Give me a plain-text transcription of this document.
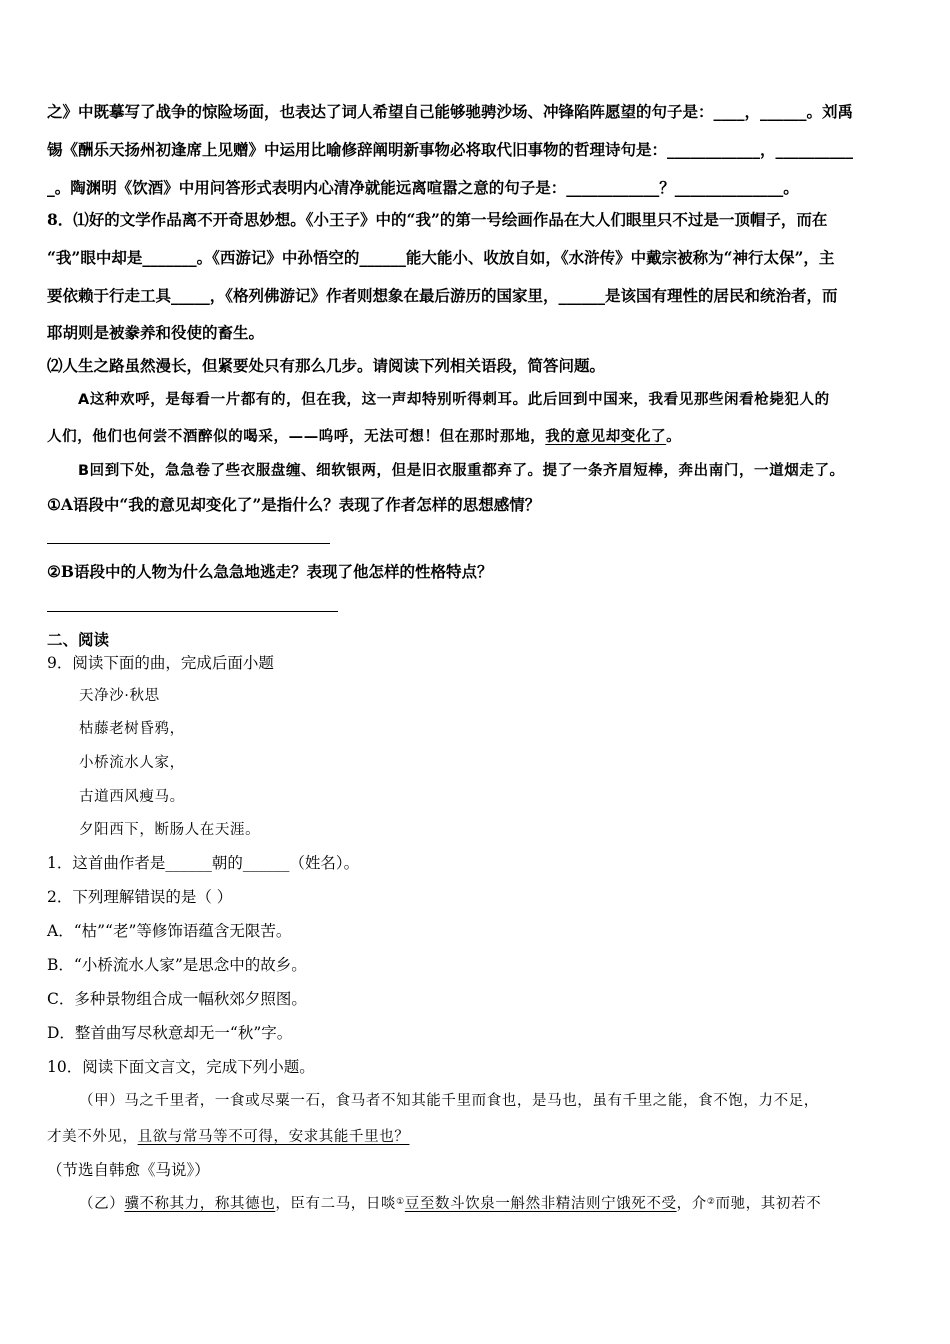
之》中既摹写了战争的惊险场面，也表达了词人希望自己能够驰骋沙场、冲锋陷阵愿望的句子是：____，______。刘禹
锡《酬乐天扬州初逢席上见赠》中运用比喻修辞阐明新事物必将取代旧事物的哲理诗句是：____________，__________
_。陶渊明《饮酒》中用问答形式表明内心清净就能远离喧嚣之意的句子是：____________？______________。
8．⑴好的文学作品离不开奇思妙想。《小王子》中的“我”的第一号绘画作品在大人们眼里只不过是一顶帽子，而在
“我”眼中却是_______。《西游记》中孙悟空的______能大能小、收放自如，《水浒传》中戴宗被称为“神行太保”，主
要依赖于行走工具_____，《格列佛游记》作者则想象在最后游历的国家里，______是该国有理性的居民和统治者，而
耶胡则是被豢养和役使的畜生。
⑵人生之路虽然漫长，但紧要处只有那么几步。请阅读下列相关语段，简答问题。
A这种欢呼，是每看一片都有的，但在我，这一声却特别听得刺耳。此后回到中国来，我看见那些闲看枪毙犯人的
人们，他们也何尝不酒醉似的喝采，——呜呼，无法可想！但在那时那地，我的意见却变化了。
B回到下处，急急卷了些衣服盘缠、细软银两，但是旧衣服重都弃了。提了一条齐眉短棒，奔出南门，一道烟走了。
①A语段中“我的意见却变化了”是指什么？表现了作者怎样的思想感情？
②B语段中的人物为什么急急地逃走？表现了他怎样的性格特点？
二、阅读
9．阅读下面的曲，完成后面小题
天净沙·秋思
枯藤老树昏鸦，
小桥流水人家，
古道西风瘦马。
夕阳西下，断肠人在天涯。
1．这首曲作者是______朝的______（姓名）。
2．下列理解错误的是（ ）
A．“枯”“老”等修饰语蕴含无限苦。
B．“小桥流水人家”是思念中的故乡。
C．多种景物组合成一幅秋郊夕照图。
D．整首曲写尽秋意却无一“秋”字。
10．阅读下面文言文，完成下列小题。
（甲）马之千里者，一食或尽粟一石，食马者不知其能千里而食也，是马也，虽有千里之能，食不饱，力不足，
才美不外见，且欲与常马等不可得，安求其能千里也？
（节选自韩愈《马说》）
（乙）骥不称其力，称其德也，臣有二马，日啖①豆至数斗饮泉一斛然非精洁则宁饿死不受，介②而驰，其初若不
